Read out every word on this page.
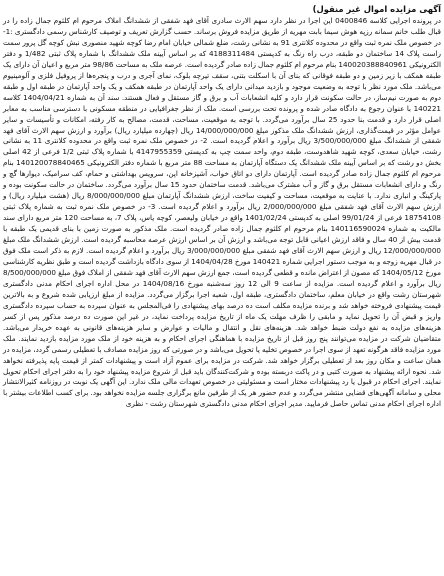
آگهی مزایده اموال غیر منقول)

در پرونده اجرایی کلاسه 0400846 این اجرا در نظر دارد سهم الارث سادری آقای فهد شفقی از ششدانگ املاک مرحوم ام کلثوم جمال زاده را در قبال طلب خانم سمانه رزپه هوش سیما بابت مهریه از طریق مزایده فروش برساند. حسب گزارش تعریف و توصیف کارشناس رسمی دادگستری :1-در خصوص ملک نمره ثبت واقع در محدوده کلانتری 91 به نشانی رشت، ضلع شمالی خیابان امام رضا کوچه شهید منصوری نبش کوچه گل پرور سمت راست پلاک 14 ساختمان دو طبقه، درب راه رنگ به کدپستی 4188311484 که بر اساس آیینه ملک ششدانگ با شماره پلاک ثبتی 1/482 و دفتر الکترونیکی 140020388840961 بنام مرحوم ام کلثوم جمال زاده صادر گردیده است. عرصه ملک به مساحت 98/86 متر مربع و اعیان آن دارای یک طبقه همکف با زیر زمین و دو طبقه فوقانی که بنای آن با اسکلت بتنی، سقف تیرچه بلوک، نمای آجری و درب و پنجره‌ها از پروفیل فلزی و آلومینیوم می‌باشد. ملک مورد نظر با توجه به وضعیت موجود و بازدید میدانی دارای یک واحد آپارتمان در طبقه همکف و یک واحد آپارتمان در طبقه اول و طبقه دوم به صورت نیم‌ساز، در حالت سکونت قرار دارد و کلیه انشعابات آب و برق و گاز مستقل و فعال هستند. سند آن به شماره 1404/04/21 کلاسه 140221 با عنوان رجوع به دادگاه صادر شده و پرونده تحت بررسی است. ملک از نظر جغرافیایی در منطقه مسکونی با دسترسی مناسب به معابر اصلی قرار دارد و قدمت بنا حدود 25 سال برآورد می‌گردد. با توجه به موقعیت، مساحت، قدمت، مصالح به کار رفته، امکانات و تأسیسات و سایر عوامل مؤثر در قیمت‌گذاری، ارزش ششدانگ ملک مذکور مبلغ 14/000/000/000 ریال (چهارده میلیارد ریال) برآورد و ارزش سهم الارث آقای فهد شفقی از ششدانگ مبلغ 3/500/000/000 ریال برآورد و اعلام گردیده است. 2- در خصوص ملک نمره ثبت واقع در محدوده کلانتری 11 به نشانی رشت، خیابان سعدی، کوچه شهید شاهدوست، طبقه دوم، واحد سمت چپ به کدپستی 4147955359 با شماره پلاک ثبتی 1/2 فرعی از 42 اصلی بخش دو رشت که بر اساس آیینه ملک ششدانگ یک دستگاه آپارتمان به مساحت 88 متر مربع با شماره دفتر الکترونیکی 140120078840465 بنام مرحوم ام کلثوم جمال زاده صادر گردیده است. آپارتمان دارای دو اتاق خواب، آشپزخانه اپن، سرویس بهداشتی و حمام، کف سرامیک، دیوارها گچ و رنگ و دارای انشعابات مستقل برق و گاز و آب مشترک می‌باشد. قدمت ساختمان حدود 15 سال برآورد می‌گردد. ساختمان در حالت سکونت بوده و پارکینگ و انباری ندارد. با عنایت به موقعیت، مساحت و کیفیت ساخت، ارزش ششدانگ آپارتمان مبلغ 8/000/000/000 ریال (هشت میلیارد ریال) و ارزش سهم الارث آقای فهد شفقی مبلغ 2/000/000/000 ریال برآورد و اعلام گردیده است. 3- در خصوص ملک نمره ثبت به شماره پلاک ثبتی 18754108 فرعی از 99/01/24 اصلی به کدپستی 1401/02/24 واقع در خیابان ولیعصر، کوچه یاس، پلاک 7، به مساحت 120 متر مربع دارای سند مالکیت به شماره 140116590024 بنام مرحوم ام کلثوم جمال زاده صادر گردیده است. ملک مذکور به صورت زمین با بنای قدیمی یک طبقه با قدمت بیش از 40 سال و فاقد ارزش اعیانی قابل توجه می‌باشد و ارزش آن بر اساس ارزش عرصه محاسبه گردیده است. ارزش ششدانگ ملک مبلغ 12/000/000/000 ریال و ارزش سهم الارث آقای فهد شفقی مبلغ 3/000/000/000 ریال برآورد و اعلام گردیده است. لازم به ذکر است ملک فوق در قبال مهریه زوجه و به موجب دستور اجرایی شماره 140421 مورخ 1404/04/28 از سوی دادگاه بازداشت گردیده است و طبق نظریه کارشناسی مورخ 1404/05/12 که مصون از اعتراض مانده و قطعی گردیده است، جمع ارزش سهم الارث آقای فهد شفقی از املاک فوق مبلغ 8/500/000/000 ریال برآورد و اعلام گردیده است. مزایده از ساعت 9 الی 12 روز سه‌شنبه مورخ 1404/08/16 در محل اداره اجرای احکام مدنی دادگستری شهرستان رشت واقع در خیابان معلم، ساختمان دادگستری، طبقه اول، شعبه اجرا برگزار می‌گردد. مزایده از مبلغ ارزیابی شده شروع و به بالاترین قیمت پیشنهادی فروخته خواهد شد و برنده مزایده مکلف است ده درصد بهای پیشنهادی را فی‌المجلس به عنوان سپرده به حساب سپرده دادگستری واریز و قبض آن را تحویل نماید و مابقی را ظرف مهلت یک ماه از تاریخ مزایده پرداخت نماید، در غیر این صورت ده درصد مذکور پس از کسر هزینه‌های مزایده به نفع دولت ضبط خواهد شد. هزینه‌های نقل و انتقال و مالیات و عوارض و سایر هزینه‌های قانونی به عهده خریدار می‌باشد. متقاضیان شرکت در مزایده می‌توانند پنج روز قبل از تاریخ مزایده با هماهنگی اجرای احکام و به هزینه خود از ملک مورد مزایده بازدید نمایند. ملک مورد مزایده فاقد هرگونه تعهد از سوی اجرا در خصوص تخلیه یا تحویل می‌باشد و در صورتی که روز مزایده مصادف با تعطیلی رسمی گردد، مزایده در همان ساعت و مکان روز بعد از تعطیلی برگزار خواهد شد. شرکت در مزایده برای عموم آزاد است و پیشنهادات کمتر از قیمت پایه پذیرفته نخواهد شد. نحوه ارائه پیشنهاد به صورت کتبی و در پاکت دربسته بوده و شرکت‌کنندگان باید قبل از شروع مزایده پیشنهاد خود را به دفتر اجرای احکام تحویل نمایند. اجرای احکام در قبول یا رد پیشنهادات مختار است و مسئولیتی در خصوص تعهدات مالی ملک ندارد. این آگهی یک نوبت در روزنامه کثیرالانتشار محلی و سامانه آگهی‌های قضایی منتشر می‌گردد و عدم حضور هر یک از طرفین مانع برگزاری جلسه مزایده نخواهد بود. برای کسب اطلاعات بیشتر با اداره اجرای احکام مدنی تماس حاصل فرمایید. مدیر اجرای احکام مدنی دادگستری شهرستان رشت - نظری
